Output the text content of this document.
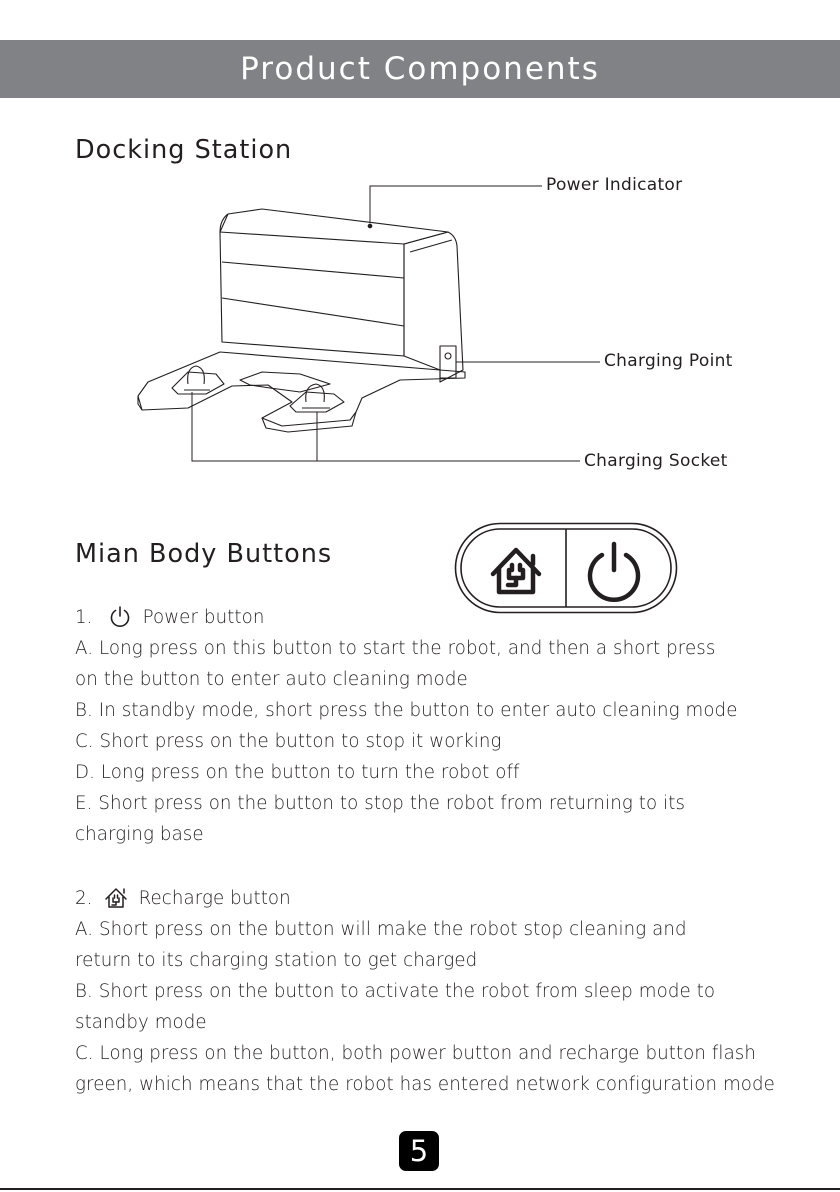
Product Components
Docking Station
Power Indicator
Charging Point
Charging Socket
Mian Body Buttons
1.	Power button
A. Long press on this button to start the robot, and then a short press
on the button to enter auto cleaning mode
B. In standby mode, short press the button to enter auto cleaning mode
C. Short press on the button to stop it working
D. Long press on the button to turn the robot off
E. Short press on the button to stop the robot from returning to its
charging base
2.	Recharge button
A. Short press on the button will make the robot stop cleaning and
return to its charging station to get charged
B. Short press on the button to activate the robot from sleep mode to
standby mode
C. Long press on the button, both power button and recharge button flash
green, which means that the robot has entered network configuration mode
5
